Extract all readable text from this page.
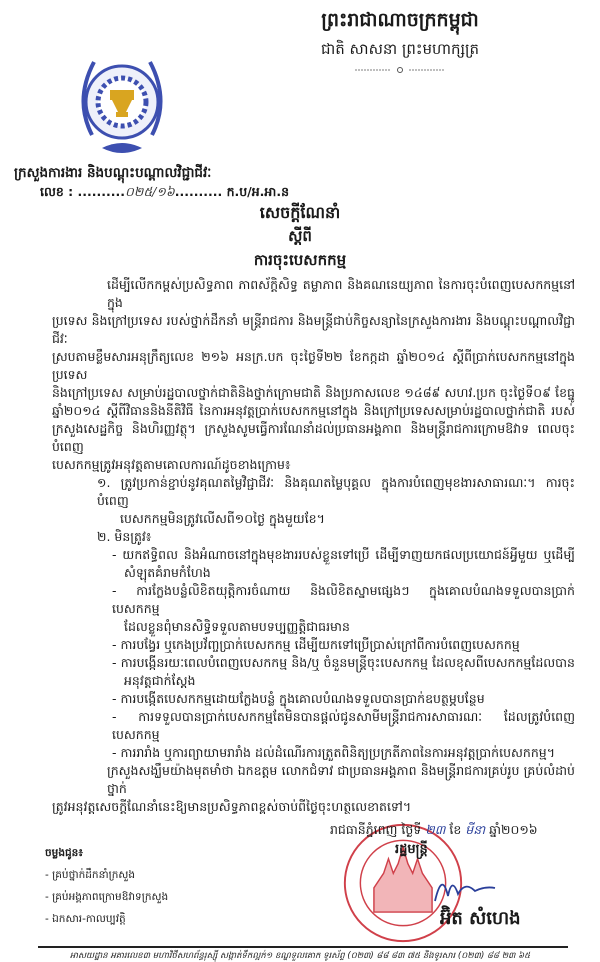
ព្រះរាជាណាចក្រកម្ពុជា
ជាតិ សាសនា ព្រះមហាក្សត្រ
ក្រសួងការងារ និងបណ្តុះបណ្តាលវិជ្ជាជីវៈ
លេខ : ..........០២៥/១៦.......... ក.ប/អ.អា.ន
សេចក្តីណែនាំ
ស្តីពី
ការចុះបេសកកម្ម
ដើម្បីលើកកម្ពស់ប្រសិទ្ធភាព ភាពស័ក្តិសិទ្ធ តម្លាភាព និងគណនេយ្យភាព នៃការចុះបំពេញបេសកកម្មនៅក្នុង
ប្រទេស និងក្រៅប្រទេស របស់ថ្នាក់ដឹកនាំ មន្ត្រីរាជការ និងមន្ត្រីជាប់កិច្ចសន្យានៃក្រសួងការងារ និងបណ្តុះបណ្តាលវិជ្ជាជីវៈ
ស្របតាមខ្លឹមសារអនុក្រឹត្យលេខ ២១៦ អនក្រ.បក ចុះថ្ងៃទី២២ ខែកក្កដា ឆ្នាំ២០១៤ ស្តីពីប្រាក់បេសកកម្មនៅក្នុងប្រទេស
និងក្រៅប្រទេស សម្រាប់រដ្ឋបាលថ្នាក់ជាតិនិងថ្នាក់ក្រោមជាតិ និងប្រកាសលេខ ១៤៨៩ សហវ.ប្រក ចុះថ្ងៃទី០៩ ខែធ្នូ
ឆ្នាំ២០១៤ ស្តីពីវិធាននិងនីតិវិធី នៃការអនុវត្តប្រាក់បេសកកម្មនៅក្នុង និងក្រៅប្រទេសសម្រាប់រដ្ឋបាលថ្នាក់ជាតិ របស់
ក្រសួងសេដ្ឋកិច្ច និងហិរញ្ញវត្ថុ។ ក្រសួងសូមធ្វើការណែនាំដល់ប្រធានអង្គភាព និងមន្ត្រីរាជការក្រោមឱវាទ ពេលចុះបំពេញ
បេសកកម្មត្រូវអនុវត្តតាមគោលការណ៍ដូចខាងក្រោម៖
១. ត្រូវប្រកាន់ខ្ជាប់នូវគុណតម្លៃវិជ្ជាជីវៈ និងគុណតម្លៃបុគ្គល ក្នុងការបំពេញមុខងារសាធារណៈ។ ការចុះបំពេញ
បេសកកម្មមិនត្រូវលើសពី១០ថ្ងៃ ក្នុងមួយខែ។
២. មិនត្រូវ៖
- យកឥទ្ធិពល និងអំណាចនៅក្នុងមុខងាររបស់ខ្លួនទៅប្រើ ដើម្បីទាញយកផលប្រយោជន៍អ្វីមួយ ឬដើម្បី
សំឡុតគំរាមកំហែង
- ការក្លែងបន្លំលិខិតយុត្តិការចំណាយ និងលិខិតស្នាមផ្សេងៗ ក្នុងគោលបំណងទទួលបានប្រាក់បេសកកម្ម
ដែលខ្លួនពុំមានសិទ្ធិទទួលតាមបទប្បញ្ញត្តិជាធរមាន
- ការបង្វែរ ឬកេងប្រវ័ញ្ចប្រាក់បេសកកម្ម ដើម្បីយកទៅប្រើប្រាស់ក្រៅពីការបំពេញបេសកកម្ម
- ការបង្កើនរយៈពេលបំពេញបេសកកម្ម និង/ឬ ចំនួនមន្ត្រីចុះបេសកកម្ម ដែលខុសពីបេសកកម្មដែលបាន
អនុវត្តជាក់ស្តែង
- ការបង្កើតបេសកកម្មដោយក្លែងបន្លំ ក្នុងគោលបំណងទទួលបានប្រាក់ឧបត្ថម្ភបន្ថែម
- ការទទួលបានប្រាក់បេសកកម្មតែមិនបានផ្តល់ជូនសាមីមន្ត្រីរាជការសាធារណៈ ដែលត្រូវបំពេញបេសកកម្ម
- ការរារាំង ឬការព្យាយាមរារាំង ដល់ដំណើរការត្រួតពិនិត្យប្រក្រតីភាពនៃការអនុវត្តប្រាក់បេសកកម្ម។
ក្រសួងសង្ឃឹមយ៉ាងមុតមាំថា ឯកឧត្តម លោកជំទាវ ជាប្រធានអង្គភាព និងមន្ត្រីរាជការគ្រប់រូប គ្រប់លំដាប់ថ្នាក់
ត្រូវអនុវត្តសេចក្តីណែនាំនេះឱ្យមានប្រសិទ្ធភាពខ្ពស់ចាប់ពីថ្ងៃចុះហត្ថលេខាតទៅ។
រាជធានីភ្នំពេញ ថ្ងៃទី ២៣ ខែ មីនា ឆ្នាំ២០១៦
រដ្ឋមន្ត្រី
អ៊ិត សំហេង
ចម្លងជូន៖
- គ្រប់ថ្នាក់ដឹកនាំក្រសួង
- គ្រប់អង្គភាពក្រោមឱវាទក្រសួង
- ឯកសារ-កាលប្បវត្តិ
អាសយដ្ឋាន អគារលេខ៣ មហាវិថីសហព័ន្ធរុស្ស៊ី សង្កាត់ទឹកល្អក់១ ខណ្ឌទួលគោក ទូរស័ព្ទ (០២៣) ៨៨ ៨៣ ៧៥ និងទូរសារ (០២៣) ៨៨ ២៣ ៦៥
